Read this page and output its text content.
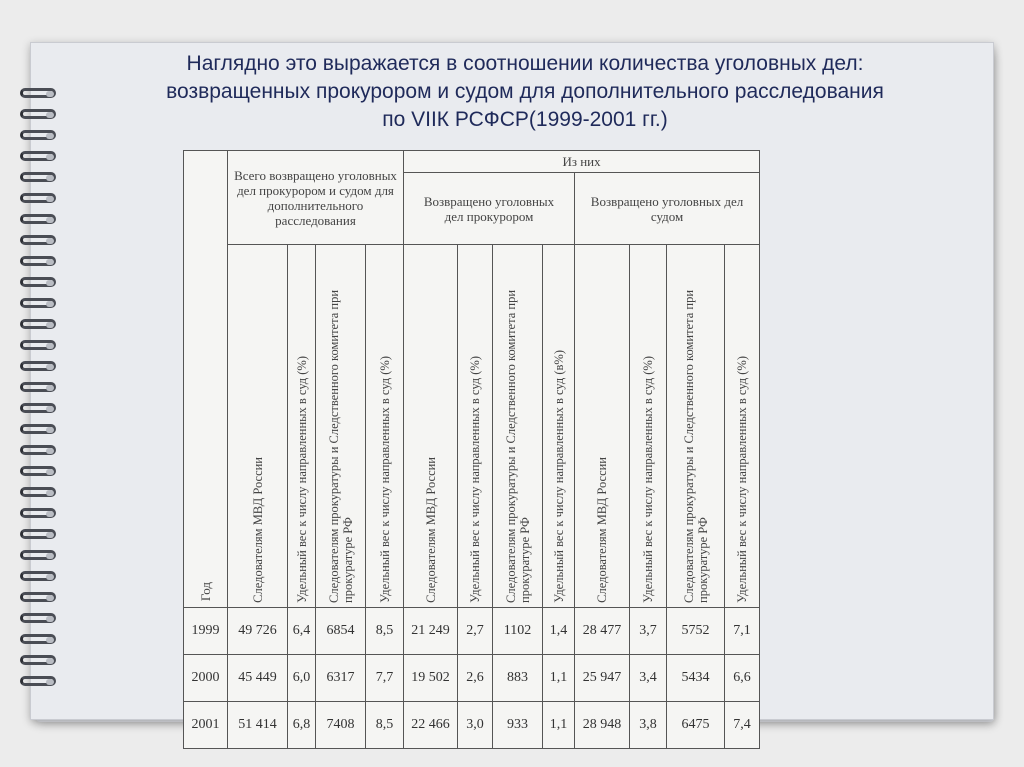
Наглядно это выражается в соотношении количества уголовных дел:
возвращенных прокурором и судом для дополнительного расследования
по VIIК РСФСР(1999-2001 гг.)
Год	Всего возвращено уголовных дел прокурором и судом для дополнительного расследования				Из них							
					Возвращено уголовных дел прокурором				Возвращено уголовных дел судом			

	Следователям МВД России	Удельный вес к числу направленных в суд (%)	Следователям прокуратуры и Следственного комитета при прокуратуре РФ	Удельный вес к числу направленных в суд (%)	Следователям МВД России	Удельный вес к числу направленных в суд (%)	Следователям прокуратуры и Следственного комитета при прокуратуре РФ	Удельный вес к числу направленных в суд (в%)	Следователям МВД России	Удельный вес к числу направленных в суд (%)	Следователям прокуратуры и Следственного комитета при прокуратуре РФ	Удельный вес к числу направленных в суд (%)

1999	49 726	6,4	6854	8,5	21 249	2,7	1102	1,4	28 477	3,7	5752	7,1
2000	45 449	6,0	6317	7,7	19 502	2,6	883	1,1	25 947	3,4	5434	6,6
2001	51 414	6,8	7408	8,5	22 466	3,0	933	1,1	28 948	3,8	6475	7,4
